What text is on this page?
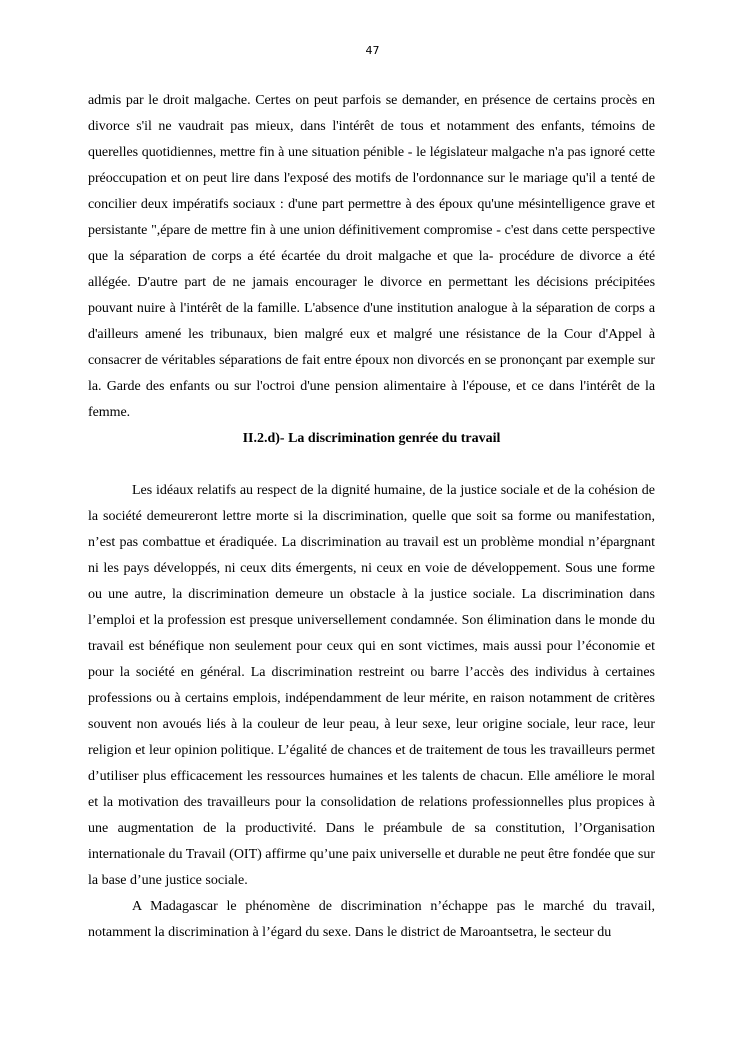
47

admis par le droit malgache. Certes on peut parfois se demander, en présence de certains procès en divorce s'il ne vaudrait pas mieux, dans l'intérêt de tous et notamment des enfants, témoins de querelles quotidiennes, mettre fin à une situation pénible - le législateur malgache n'a pas ignoré cette préoccupation et on peut lire dans l'exposé des motifs de l'ordonnance sur le mariage qu'il a tenté de concilier deux impératifs sociaux : d'une part permettre à des époux qu'une mésintelligence grave et persistante ",épare de mettre fin à une union définitivement compromise - c'est dans cette perspective que la séparation de corps a été écartée du droit malgache et que la- procédure de divorce a été allégée. D'autre part de ne jamais encourager le divorce en permettant les décisions précipitées pouvant nuire à l'intérêt de la famille. L'absence d'une institution analogue à la séparation de corps a d'ailleurs amené les tribunaux, bien malgré eux et malgré une résistance de la Cour d'Appel à consacrer de véritables séparations de fait entre époux non divorcés en se prononçant par exemple sur la. Garde des enfants ou sur l'octroi d'une pension alimentaire à l'épouse, et ce dans l'intérêt de la femme.

II.2.d)- La discrimination genrée du travail

Les idéaux relatifs au respect de la dignité humaine, de la justice sociale et de la cohésion de la société demeureront lettre morte si la discrimination, quelle que soit sa forme ou manifestation, n’est pas combattue et éradiquée. La discrimination au travail est un problème mondial n’épargnant ni les pays développés, ni ceux dits émergents, ni ceux en voie de développement. Sous une forme ou une autre, la discrimination demeure un obstacle à la justice sociale. La discrimination dans l’emploi et la profession est presque universellement condamnée. Son élimination dans le monde du travail est bénéfique non seulement pour ceux qui en sont victimes, mais aussi pour l’économie et pour la société en général. La discrimination restreint ou barre l’accès des individus à certaines professions ou à certains emplois, indépendamment de leur mérite, en raison notamment de critères souvent non avoués liés à la couleur de leur peau, à leur sexe, leur origine sociale, leur race, leur religion et leur opinion politique. L’égalité de chances et de traitement de tous les travailleurs permet d’utiliser plus efficacement les ressources humaines et les talents de chacun. Elle améliore le moral et la motivation des travailleurs pour la consolidation de relations professionnelles plus propices à une augmentation de la productivité. Dans le préambule de sa constitution, l’Organisation internationale du Travail (OIT) affirme qu’une paix universelle et durable ne peut être fondée que sur la base d’une justice sociale.

A Madagascar le phénomène de discrimination n’échappe pas le marché du travail, notamment la discrimination à l’égard du sexe. Dans le district de Maroantsetra, le secteur du
